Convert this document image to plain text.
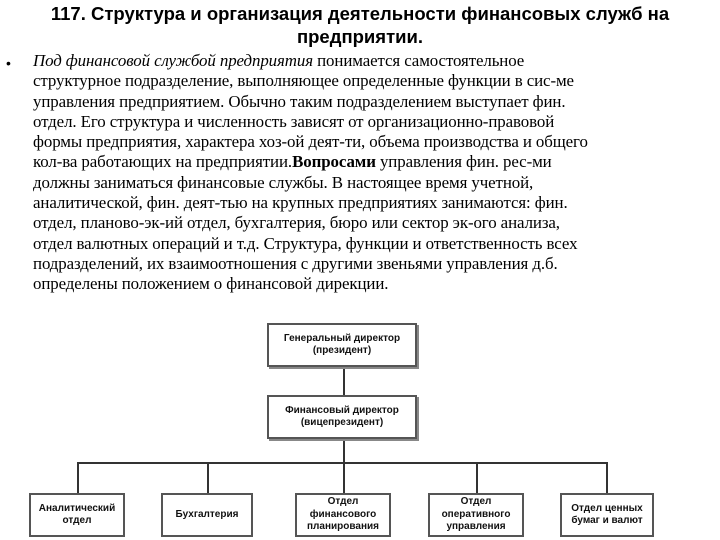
117. Структура и организация деятельности финансовых служб на
предприятии.
• Под финансовой службой предприятия понимается самостоятельное
структурное подразделение, выполняющее определенные функции в сис-ме
управления предприятием. Обычно таким подразделением выступает фин.
отдел. Его структура и численность зависят от организационно-правовой
формы предприятия, характера хоз-ой деят-ти, объема производства и общего
кол-ва работающих на предприятии.Вопросами управления фин. рес-ми
должны заниматься финансовые службы. В настоящее время учетной,
аналитической, фин. деят-тью на крупных предприятиях занимаются: фин.
отдел, планово-эк-ий отдел, бухгалтерия, бюро или сектор эк-ого анализа,
отдел валютных операций и т.д. Структура, функции и ответственность всех
подразделений, их взаимоотношения с другими звеньями управления д.б.
определены положением о финансовой дирекции.
Генеральный директор
(президент)
Финансовый директор
(вицепрезидент)
Аналитический
отдел
Бухгалтерия
Отдел
финансового
планирования
Отдел
оперативного
управления
Отдел ценных
бумаг и валют
